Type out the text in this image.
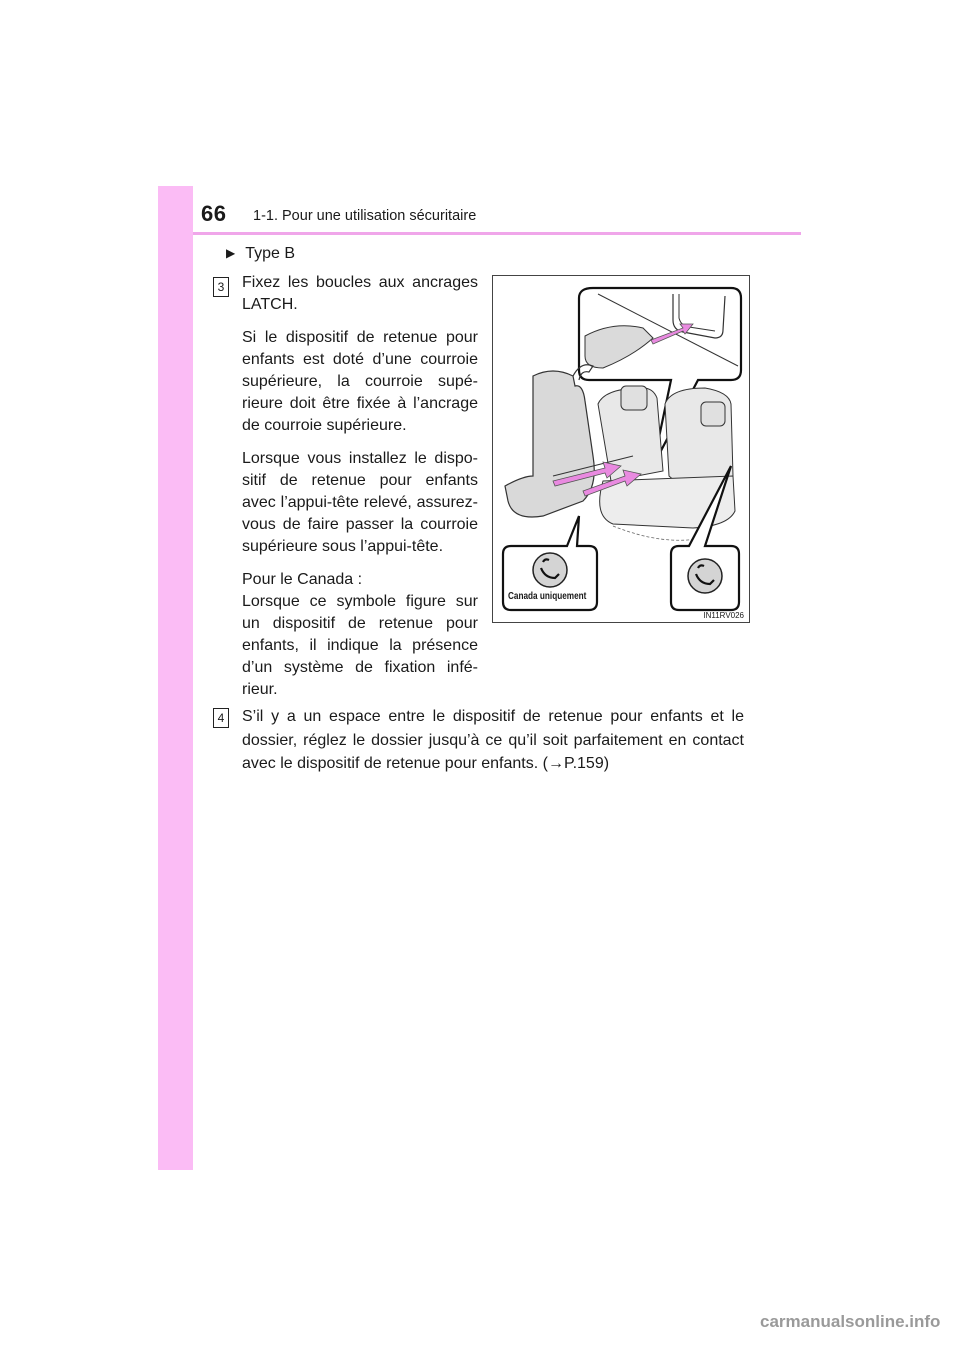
66 1-1. Pour une utilisation sécuritaire
▶ Type B
3 Fixez les boucles aux ancrages LATCH.

Si le dispositif de retenue pour enfants est doté d’une courroie supérieure, la courroie supérieure doit être fixée à l’ancrage de courroie supérieure.

Lorsque vous installez le dispositif de retenue pour enfants avec l’appui-tête relevé, assurez-vous de faire passer la courroie supérieure sous l’appui-tête.

Pour le Canada :

Lorsque ce symbole figure sur un dispositif de retenue pour enfants, il indique la présence d’un système de fixation inférieur.

Canada uniquement
IN11RV026
4 S’il y a un espace entre le dispositif de retenue pour enfants et le dossier, réglez le dossier jusqu’à ce qu’il soit parfaitement en contact avec le dispositif de retenue pour enfants. (→P.159)
carmanualsonline.info
